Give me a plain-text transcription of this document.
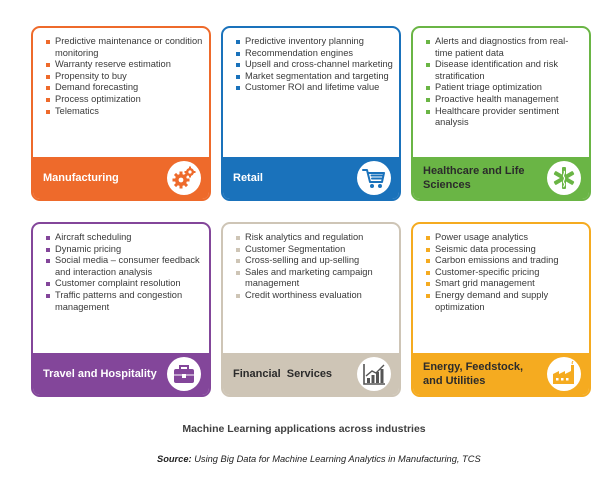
Predictive maintenance or condition monitoring
Warranty reserve estimation
Propensity to buy
Demand forecasting
Process optimization
Telematics
Manufacturing
Predictive inventory planning
Recommendation engines
Upsell and cross-channel marketing
Market segmentation and targeting
Customer ROI and lifetime value
Retail
Alerts and diagnostics from real-time patient data
Disease identification and risk stratification
Patient triage optimization
Proactive health management
Healthcare provider sentiment analysis
Healthcare and Life Sciences
Aircraft scheduling
Dynamic pricing
Social media – consumer feedback and interaction analysis
Customer complaint resolution
Traffic patterns and congestion management
Travel and Hospitality
Risk analytics and regulation
Customer Segmentation
Cross-selling and up-selling
Sales and marketing campaign management
Credit worthiness evaluation
Financial  Services
Power usage analytics
Seismic data processing
Carbon emissions and trading
Customer-specific pricing
Smart grid management
Energy demand and supply optimization
Energy, Feedstock, and Utilities
Machine Learning applications across industries
Source: Using Big Data for Machine Learning Analytics in Manufacturing, TCS
